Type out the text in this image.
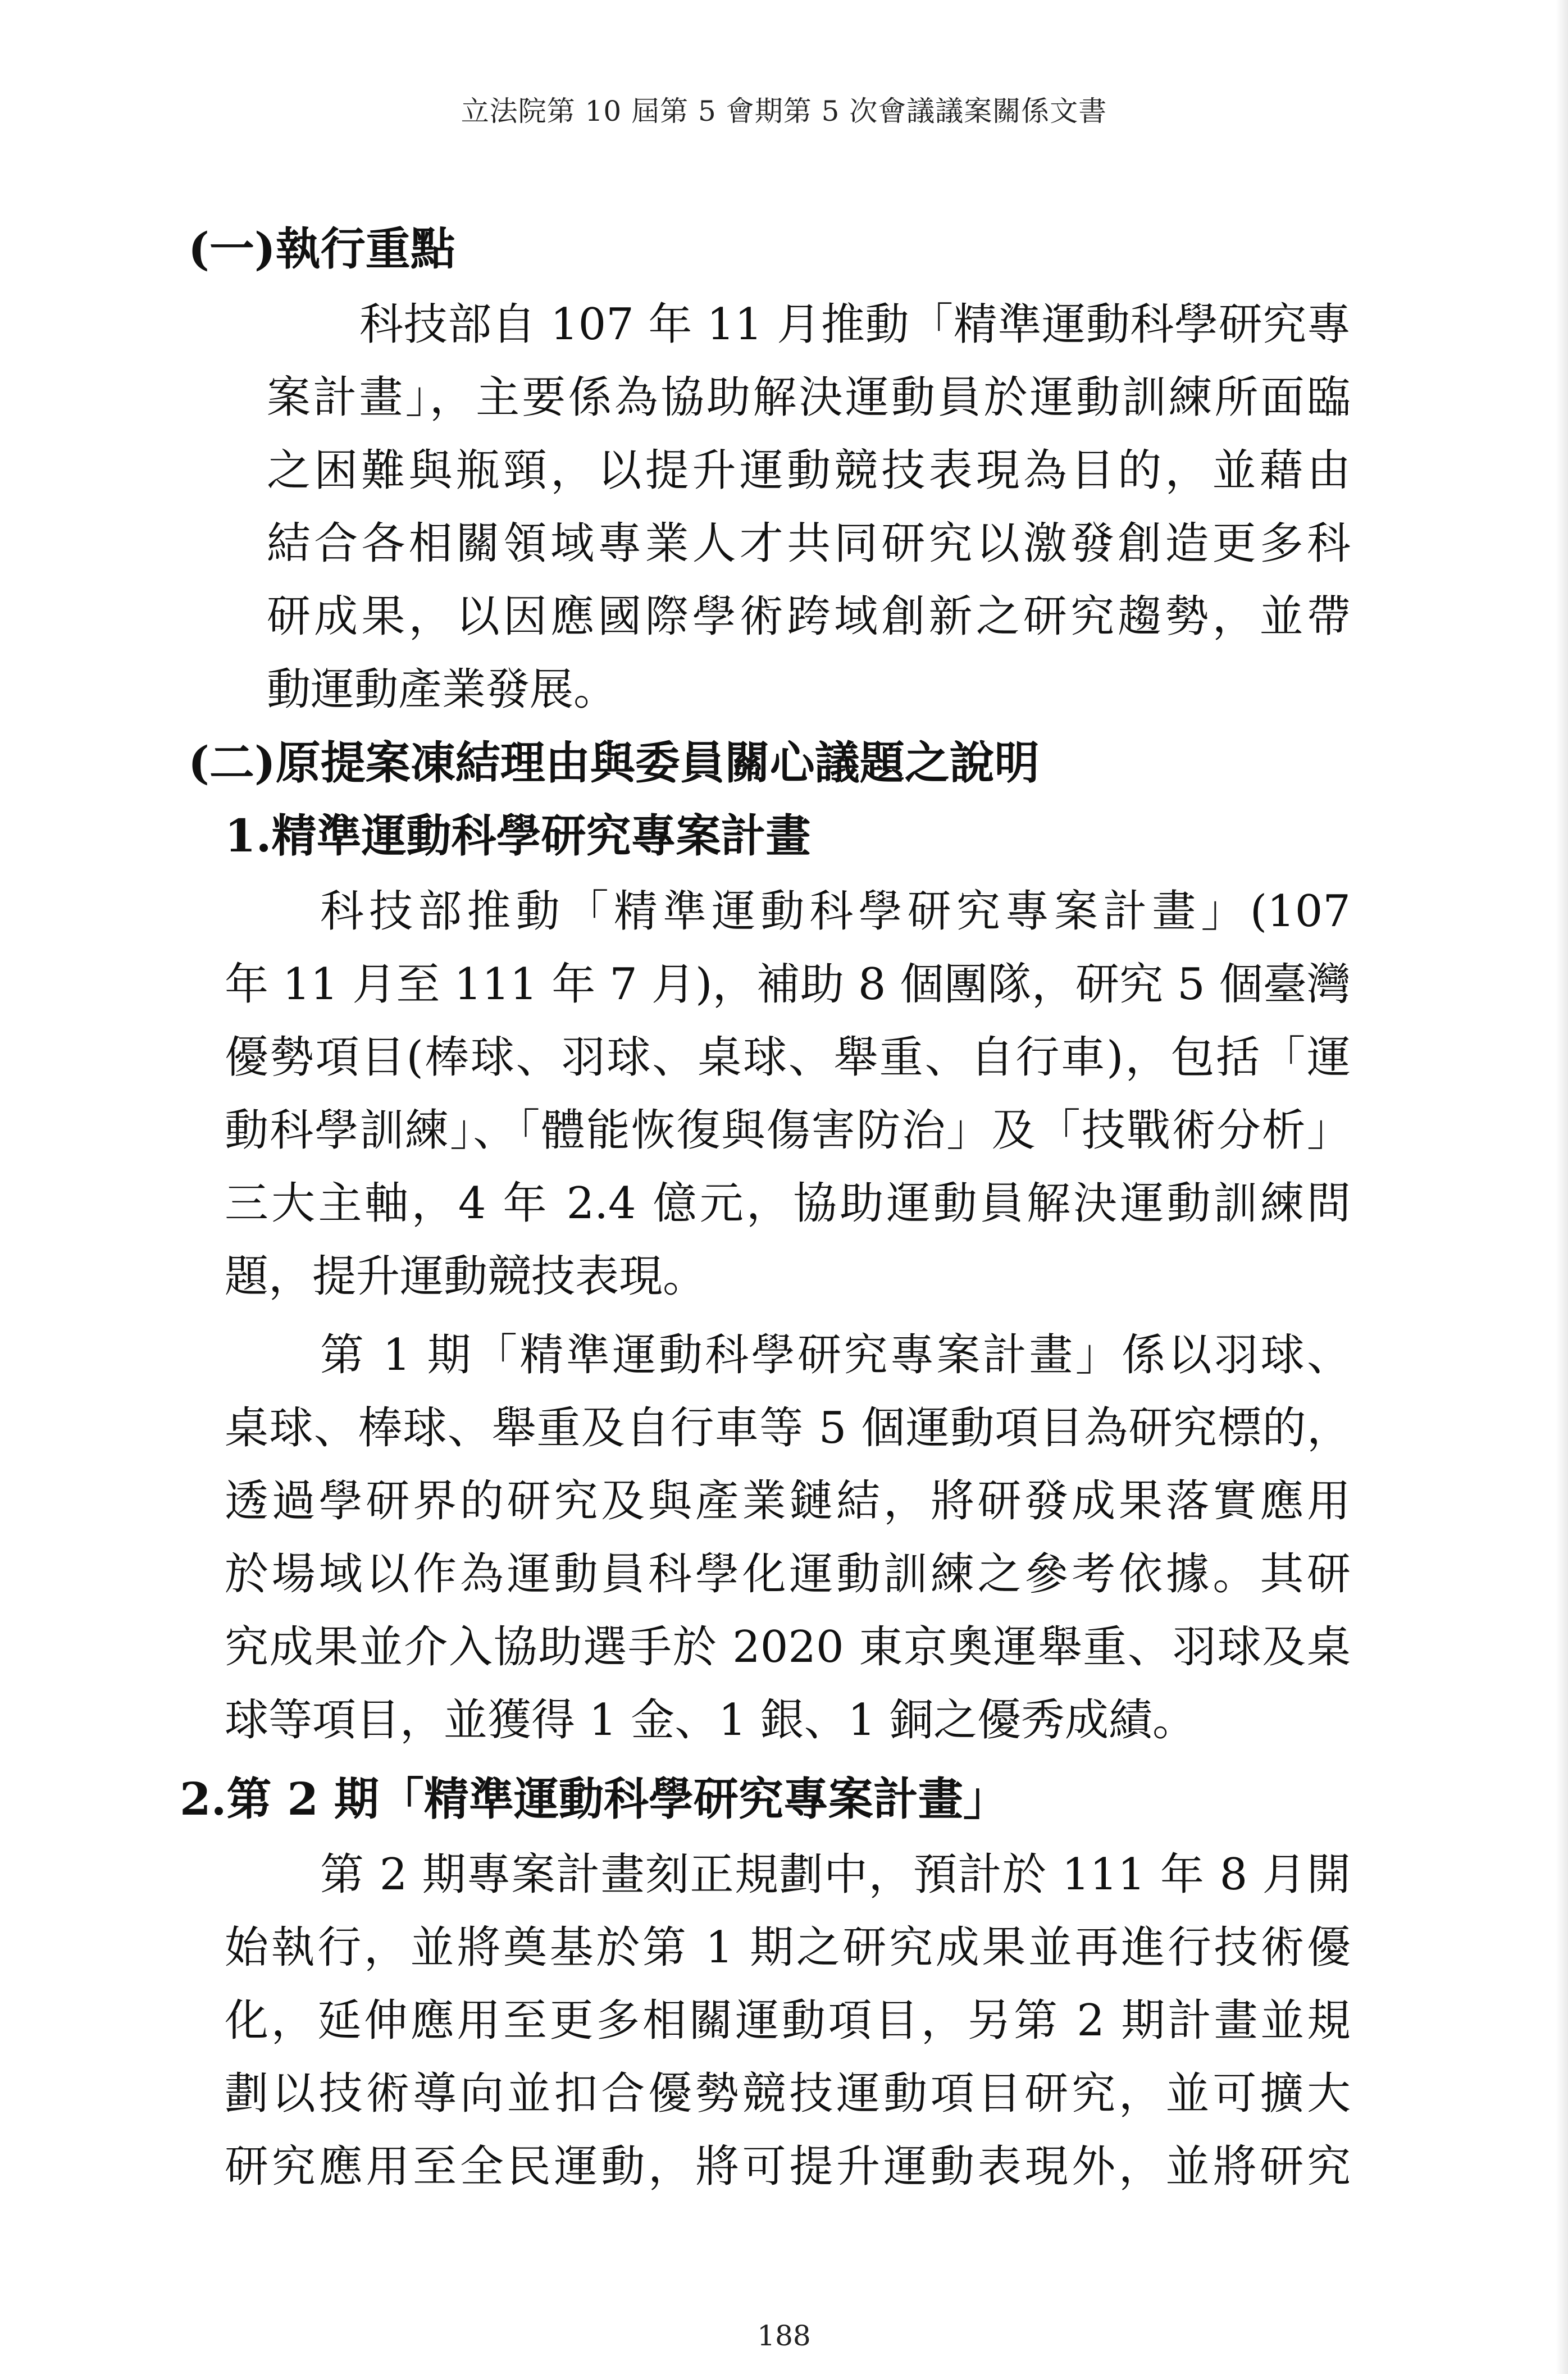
立法院第 10 屆第 5 會期第 5 次會議議案關係文書
(一)執行重點
科技部自 107 年 11 月推動「精準運動科學研究專
案計畫」，主要係為協助解決運動員於運動訓練所面臨
之困難與瓶頸，以提升運動競技表現為目的，並藉由
結合各相關領域專業人才共同研究以激發創造更多科
研成果，以因應國際學術跨域創新之研究趨勢，並帶
動運動產業發展。
(二)原提案凍結理由與委員關心議題之說明
1.精準運動科學研究專案計畫
科技部推動「精準運動科學研究專案計畫」(107
年 11 月至 111 年 7 月)，補助 8 個團隊，研究 5 個臺灣
優勢項目(棒球、羽球、桌球、舉重、自行車)，包括「運
動科學訓練」、「體能恢復與傷害防治」及「技戰術分析」
三大主軸，4 年 2.4 億元，協助運動員解決運動訓練問
題，提升運動競技表現。
第 1 期「精準運動科學研究專案計畫」係以羽球、
桌球、棒球、舉重及自行車等 5 個運動項目為研究標的，
透過學研界的研究及與產業鏈結，將研發成果落實應用
於場域以作為運動員科學化運動訓練之參考依據。其研
究成果並介入協助選手於 2020 東京奧運舉重、羽球及桌
球等項目，並獲得 1 金、1 銀、1 銅之優秀成績。
2.第 2 期「精準運動科學研究專案計畫」
第 2 期專案計畫刻正規劃中，預計於 111 年 8 月開
始執行，並將奠基於第 1 期之研究成果並再進行技術優
化，延伸應用至更多相關運動項目，另第 2 期計畫並規
劃以技術導向並扣合優勢競技運動項目研究，並可擴大
研究應用至全民運動，將可提升運動表現外，並將研究
188
